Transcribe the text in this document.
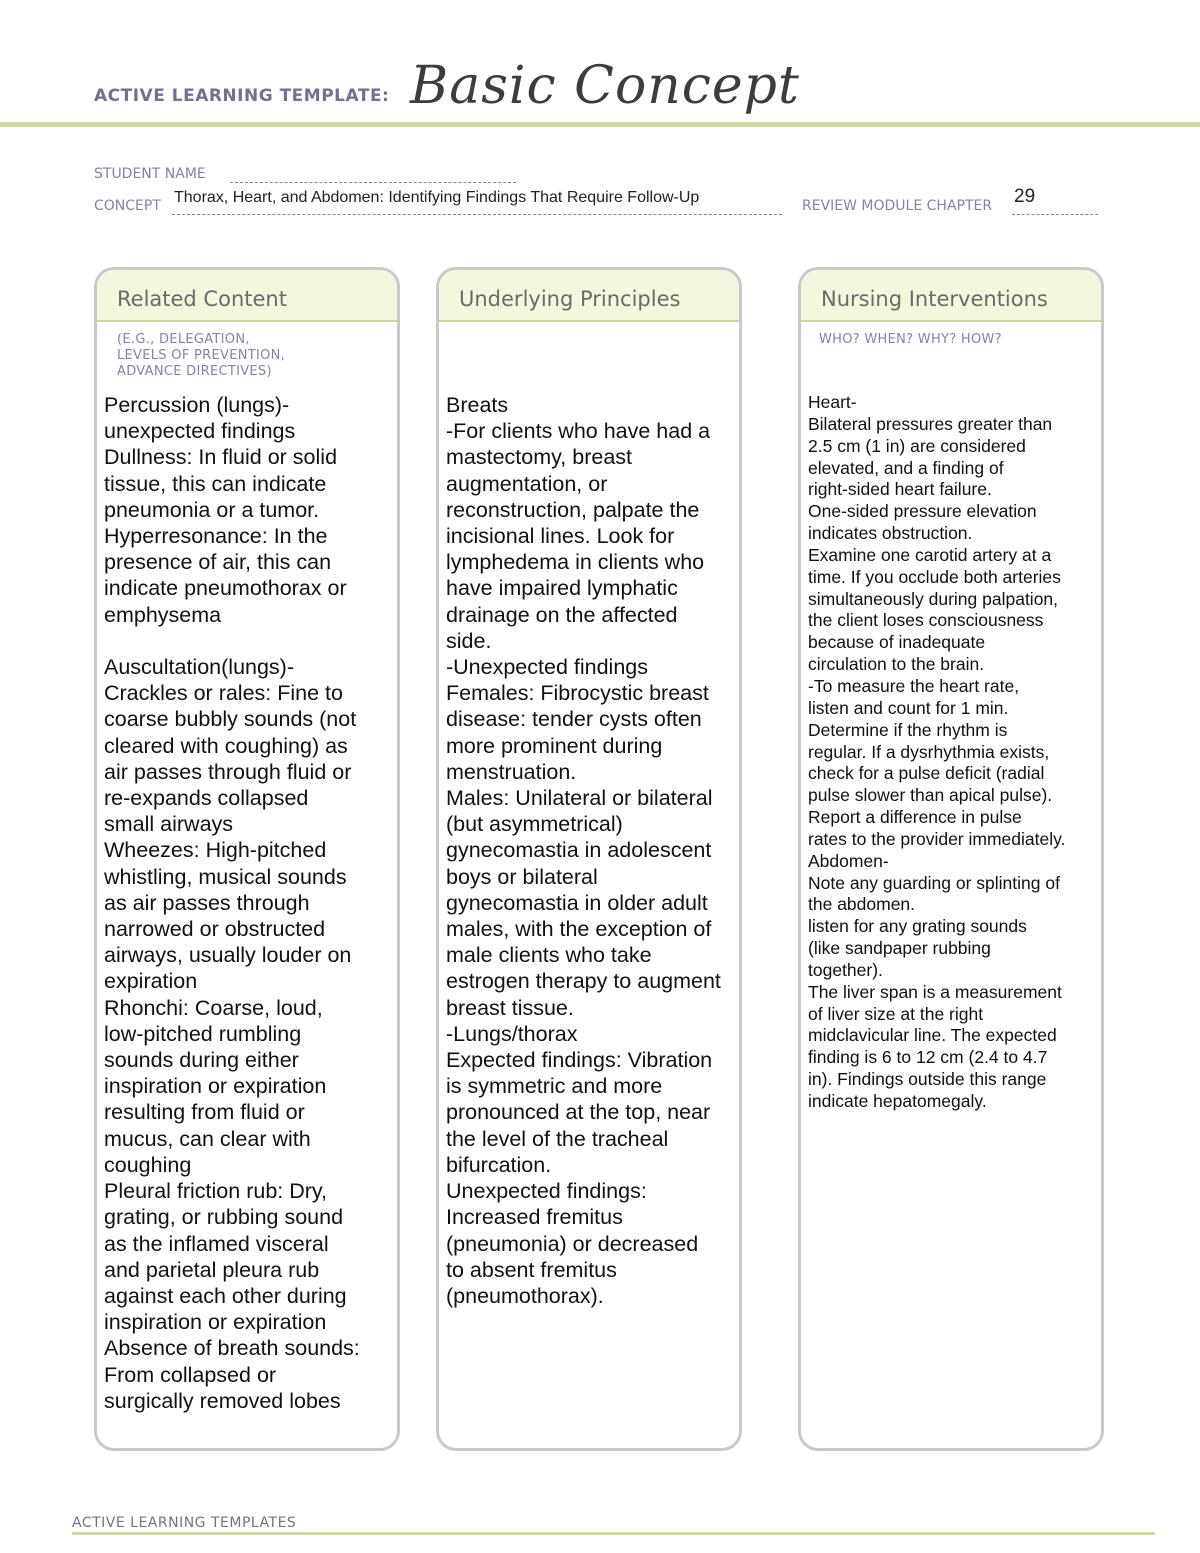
ACTIVE LEARNING TEMPLATE: Basic Concept
STUDENT NAME
CONCEPT Thorax, Heart, and Abdomen: Identifying Findings That Require Follow-Up	REVIEW MODULE CHAPTER 29
Related Content
(E.G., DELEGATION,
LEVELS OF PREVENTION,
ADVANCE DIRECTIVES)
Percussion (lungs)-
unexpected findings
Dullness: In fluid or solid
tissue, this can indicate
pneumonia or a tumor.
Hyperresonance: In the
presence of air, this can
indicate pneumothorax or
emphysema

Auscultation(lungs)-
Crackles or rales: Fine to
coarse bubbly sounds (not
cleared with coughing) as
air passes through fluid or
re-expands collapsed
small airways
Wheezes: High-pitched
whistling, musical sounds
as air passes through
narrowed or obstructed
airways, usually louder on
expiration
Rhonchi: Coarse, loud,
low-pitched rumbling
sounds during either
inspiration or expiration
resulting from fluid or
mucus, can clear with
coughing
Pleural friction rub: Dry,
grating, or rubbing sound
as the inflamed visceral
and parietal pleura rub
against each other during
inspiration or expiration
Absence of breath sounds:
From collapsed or
surgically removed lobes
Underlying Principles
Breats
-For clients who have had a
mastectomy, breast
augmentation, or
reconstruction, palpate the
incisional lines. Look for
lymphedema in clients who
have impaired lymphatic
drainage on the affected
side.
-Unexpected findings
Females: Fibrocystic breast
disease: tender cysts often
more prominent during
menstruation.
Males: Unilateral or bilateral
(but asymmetrical)
gynecomastia in adolescent
boys or bilateral
gynecomastia in older adult
males, with the exception of
male clients who take
estrogen therapy to augment
breast tissue.
-Lungs/thorax
Expected findings: Vibration
is symmetric and more
pronounced at the top, near
the level of the tracheal
bifurcation.
Unexpected findings:
Increased fremitus
(pneumonia) or decreased
to absent fremitus
(pneumothorax).
Nursing Interventions
WHO? WHEN? WHY? HOW?
Heart-
Bilateral pressures greater than
2.5 cm (1 in) are considered
elevated, and a finding of
right-sided heart failure.
One-sided pressure elevation
indicates obstruction.
Examine one carotid artery at a
time. If you occlude both arteries
simultaneously during palpation,
the client loses consciousness
because of inadequate
circulation to the brain.
-To measure the heart rate,
listen and count for 1 min.
Determine if the rhythm is
regular. If a dysrhythmia exists,
check for a pulse deficit (radial
pulse slower than apical pulse).
Report a difference in pulse
rates to the provider immediately.
Abdomen-
Note any guarding or splinting of
the abdomen.
listen for any grating sounds
(like sandpaper rubbing
together).
The liver span is a measurement
of liver size at the right
midclavicular line. The expected
finding is 6 to 12 cm (2.4 to 4.7
in). Findings outside this range
indicate hepatomegaly.
ACTIVE LEARNING TEMPLATES
